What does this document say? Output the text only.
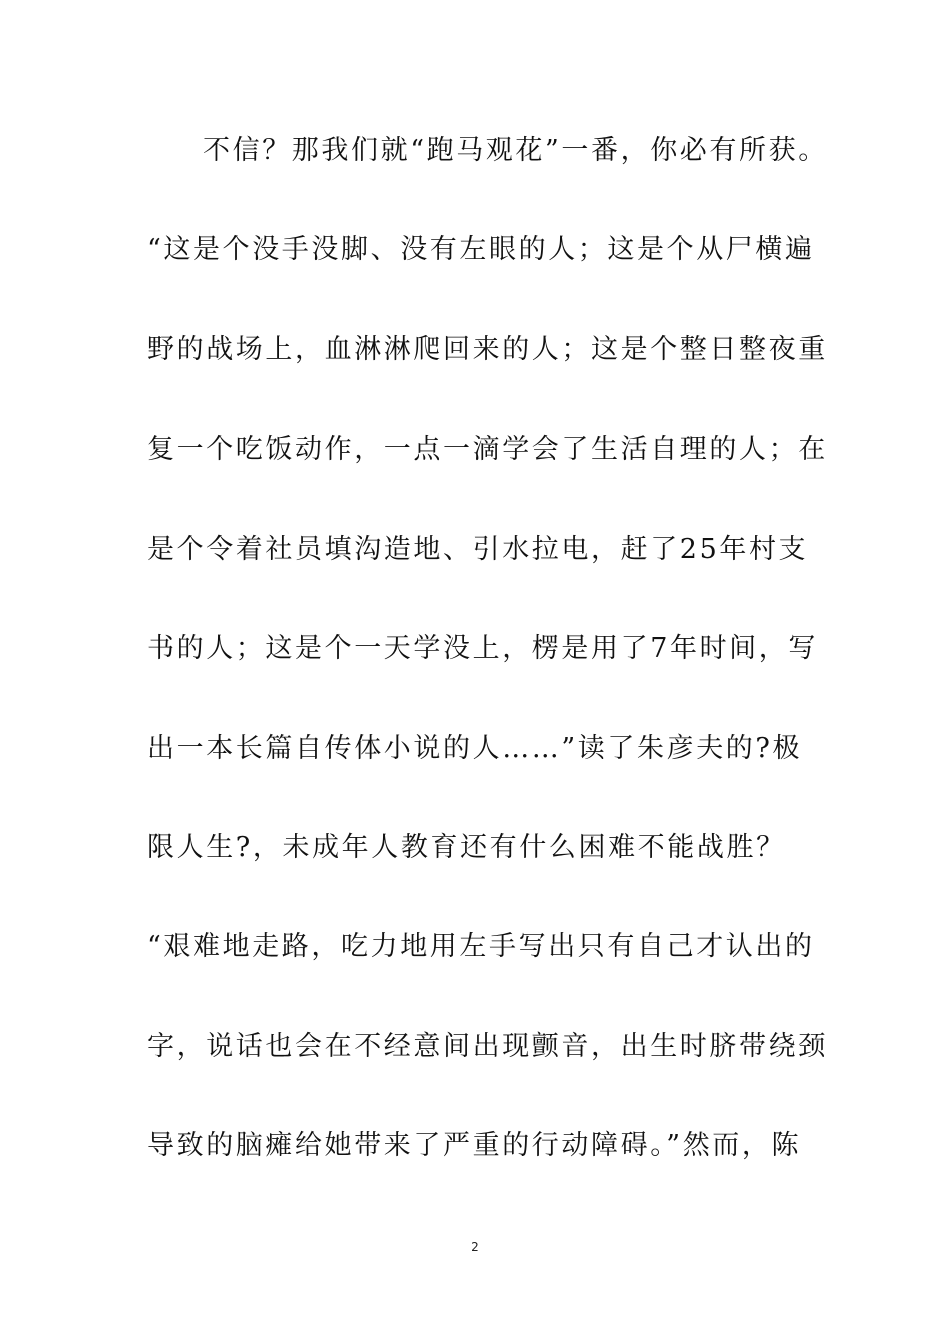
不信？那我们就“跑马观花”一番，你必有所获。
“这是个没手没脚、没有左眼的人；这是个从尸横遍
野的战场上，血淋淋爬回来的人；这是个整日整夜重
复一个吃饭动作，一点一滴学会了生活自理的人；在
是个令着社员填沟造地、引水拉电，赶了25年村支
书的人；这是个一天学没上，楞是用了7年时间，写
出一本长篇自传体小说的人……”读了朱彦夫的?极
限人生?，未成年人教育还有什么困难不能战胜？
“艰难地走路，吃力地用左手写出只有自己才认出的
字，说话也会在不经意间出现颤音，出生时脐带绕颈
导致的脑瘫给她带来了严重的行动障碍。”然而，陈
2
